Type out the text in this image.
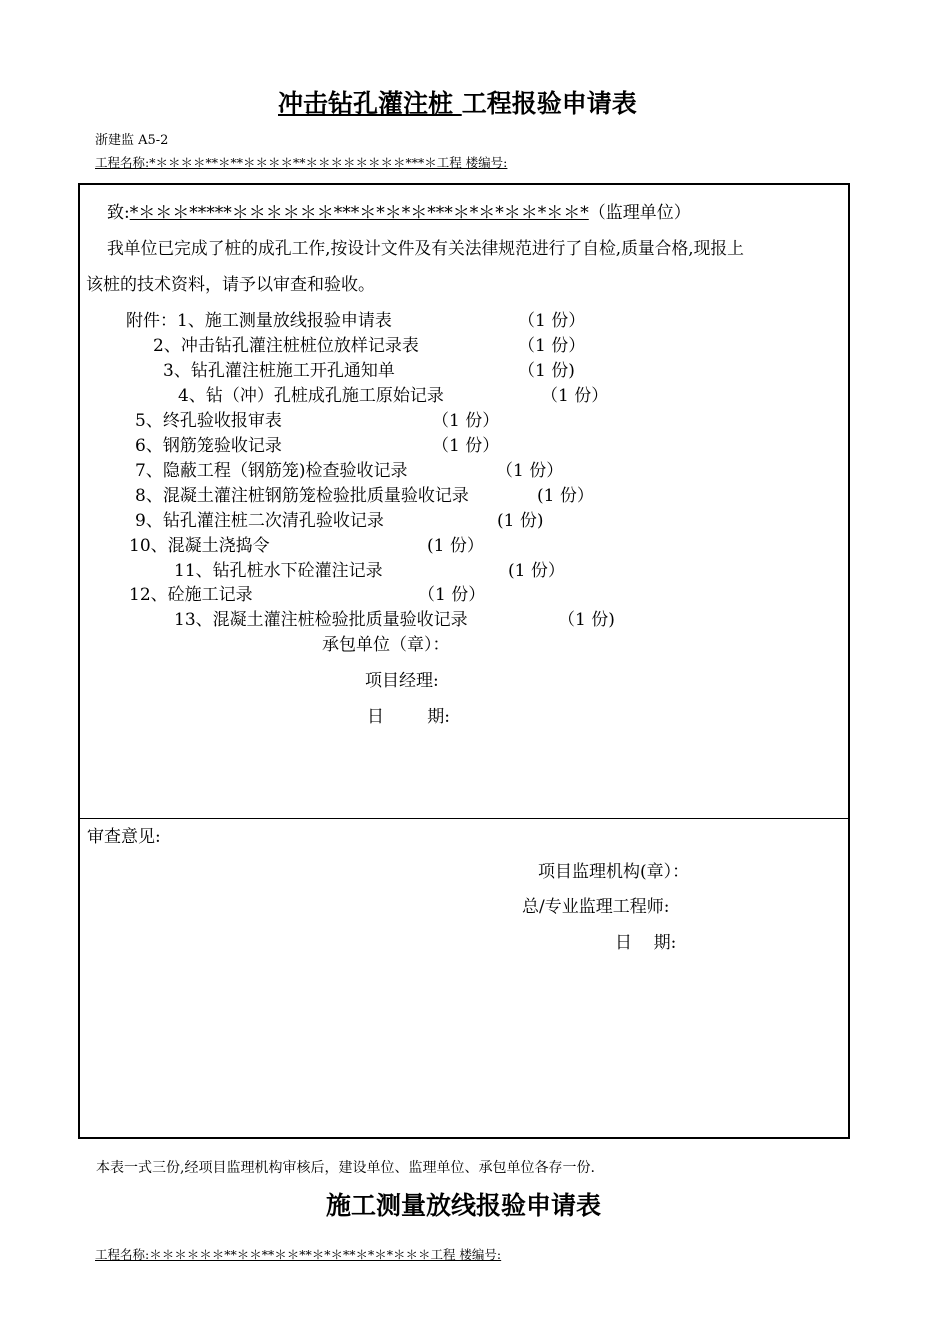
冲击钻孔灌注桩 工程报验申请表
浙建监 A5-2
工程名称:*＊＊＊＊**＊**＊＊＊＊**＊＊＊＊＊＊＊＊***＊工程 楼编号:
致:*＊＊＊*****＊＊＊＊＊＊***＊*＊*＊***＊*＊*＊＊*＊＊*（监理单位）
我单位已完成了桩的成孔工作,按设计文件及有关法律规范进行了自检,质量合格,现报上
该桩的技术资料，请予以审查和验收。
附件：1、施工测量放线报验申请表	（1 份）
2、冲击钻孔灌注桩桩位放样记录表	（1 份）
3、钻孔灌注桩施工开孔通知单	（1 份)
4、钻（冲）孔桩成孔施工原始记录	（1 份）
5、终孔验收报审表	（1 份）
6、钢筋笼验收记录	（1 份）
7、隐蔽工程（钢筋笼)检查验收记录	（1 份）
8、混凝土灌注桩钢筋笼检验批质量验收记录	(1 份）
9、钻孔灌注桩二次清孔验收记录	(1 份)
10、混凝土浇捣令	(1 份）
11、钻孔桩水下砼灌注记录	(1 份）
12、砼施工记录	（1 份）
13、混凝土灌注桩检验批质量验收记录	（1 份)
承包单位（章）：
项目经理:
日        期:
审查意见:
项目监理机构(章）：
总/专业监理工程师:
日    期:
本表一式三份,经项目监理机构审核后，建设单位、监理单位、承包单位各存一份.
施工测量放线报验申请表
工程名称:＊＊＊＊＊＊**＊＊**＊＊**＊*＊**＊*＊*＊＊＊工程 楼编号:
